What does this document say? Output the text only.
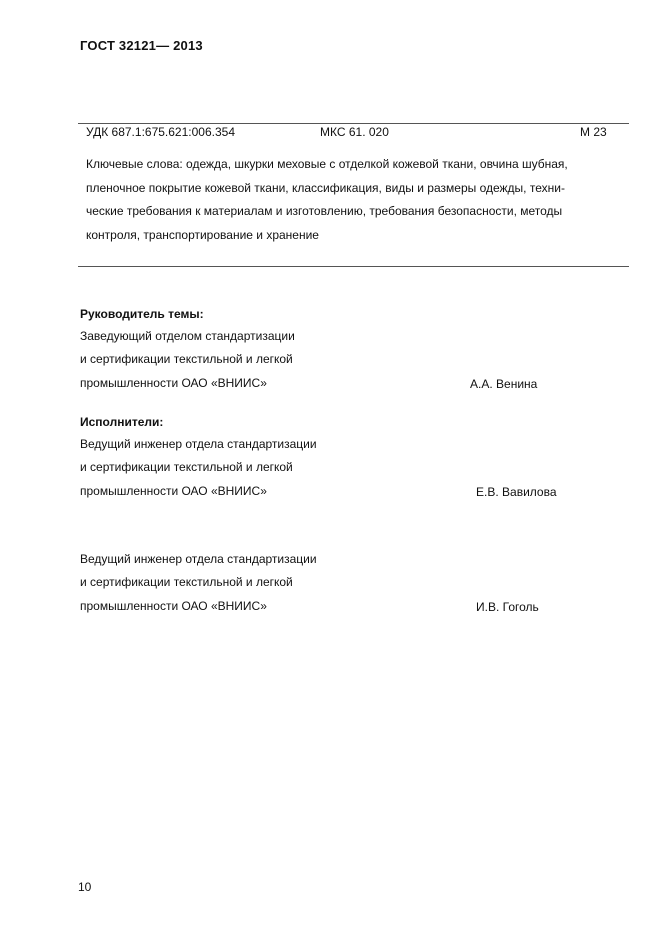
ГОСТ 32121— 2013
УДК 687.1:675.621:006.354	МКС 61. 020	М 23
Ключевые слова: одежда, шкурки меховые с отделкой кожевой ткани, овчина шубная,
пленочное покрытие кожевой ткани, классификация, виды и размеры одежды, техни-
ческие требования к материалам и изготовлению, требования безопасности, методы
контроля, транспортирование и хранение
Руководитель темы:
Заведующий отделом стандартизации
и сертификации текстильной и легкой
промышленности ОАО «ВНИИС»	А.А. Венина
Исполнители:
Ведущий инженер отдела стандартизации
и сертификации текстильной и легкой
промышленности ОАО «ВНИИС»	Е.В. Вавилова
Ведущий инженер отдела стандартизации
и сертификации текстильной и легкой
промышленности ОАО «ВНИИС»	И.В. Гоголь
10
